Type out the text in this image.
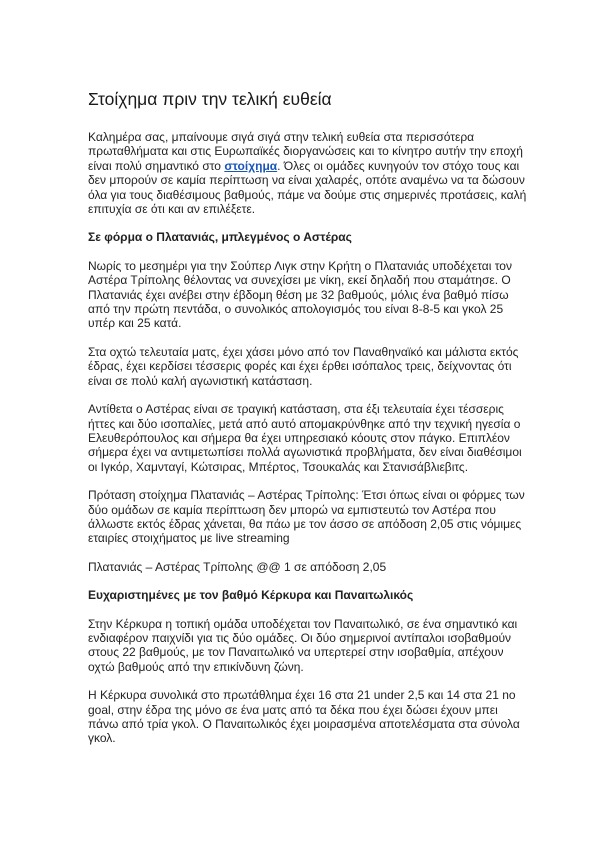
Στοίχημα πριν την τελική ευθεία

Καλημέρα σας, μπαίνουμε σιγά σιγά στην τελική ευθεία στα περισσότερα πρωταθλήματα και στις Ευρωπαϊκές διοργανώσεις και το κίνητρο αυτήν την εποχή είναι πολύ σημαντικό στο στοίχημα. Όλες οι ομάδες κυνηγούν τον στόχο τους και δεν μπορούν σε καμία περίπτωση να είναι χαλαρές, οπότε αναμένω να τα δώσουν όλα για τους διαθέσιμους βαθμούς, πάμε να δούμε στις σημερινές προτάσεις, καλή επιτυχία σε ότι και αν επιλέξετε.

Σε φόρμα ο Πλατανιάς, μπλεγμένος ο Αστέρας

Νωρίς το μεσημέρι για την Σούπερ Λιγκ στην Κρήτη ο Πλατανιάς υποδέχεται τον Αστέρα Τρίπολης θέλοντας να συνεχίσει με νίκη, εκεί δηλαδή που σταμάτησε. Ο Πλατανιάς έχει ανέβει στην έβδομη θέση με 32 βαθμούς, μόλις ένα βαθμό πίσω από την πρώτη πεντάδα, ο συνολικός απολογισμός του είναι 8-8-5 και γκολ 25 υπέρ και 25 κατά.

Στα οχτώ τελευταία ματς, έχει χάσει μόνο από τον Παναθηναϊκό και μάλιστα εκτός έδρας, έχει κερδίσει τέσσερις φορές και έχει έρθει ισόπαλος τρεις, δείχνοντας ότι είναι σε πολύ καλή αγωνιστική κατάσταση.

Αντίθετα ο Αστέρας είναι σε τραγική κατάσταση, στα έξι τελευταία έχει τέσσερις ήττες και δύο ισοπαλίες, μετά από αυτό απομακρύνθηκε από την τεχνική ηγεσία ο Ελευθερόπουλος και σήμερα θα έχει υπηρεσιακό κόουτς στον πάγκο. Επιπλέον σήμερα έχει να αντιμετωπίσει πολλά αγωνιστικά προβλήματα, δεν είναι διαθέσιμοι οι Ιγκόρ, Χαμνταγί, Κώτσιρας, Μπέρτος, Τσουκαλάς και Στανισάβλιεβιτς.

Πρόταση στοίχημα Πλατανιάς – Αστέρας Τρίπολης: Έτσι όπως είναι οι φόρμες των δύο ομάδων σε καμία περίπτωση δεν μπορώ να εμπιστευτώ τον Αστέρα που άλλωστε εκτός έδρας χάνεται, θα πάω με τον άσσο σε απόδοση 2,05 στις νόμιμες εταιρίες στοιχήματος με live streaming

Πλατανιάς – Αστέρας Τρίπολης @@ 1 σε απόδοση 2,05

Ευχαριστημένες με τον βαθμό Κέρκυρα και Παναιτωλικός

Στην Κέρκυρα η τοπική ομάδα υποδέχεται τον Παναιτωλικό, σε ένα σημαντικό και ενδιαφέρον παιχνίδι για τις δύο ομάδες. Οι δύο σημερινοί αντίπαλοι ισοβαθμούν στους 22 βαθμούς, με τον Παναιτωλικό να υπερτερεί στην ισοβαθμία, απέχουν οχτώ βαθμούς από την επικίνδυνη ζώνη.

Η Κέρκυρα συνολικά στο πρωτάθλημα έχει 16 στα 21 under 2,5 και 14 στα 21 no goal, στην έδρα της μόνο σε ένα ματς από τα δέκα που έχει δώσει έχουν μπει πάνω από τρία γκολ. Ο Παναιτωλικός έχει μοιρασμένα αποτελέσματα στα σύνολα γκολ.
